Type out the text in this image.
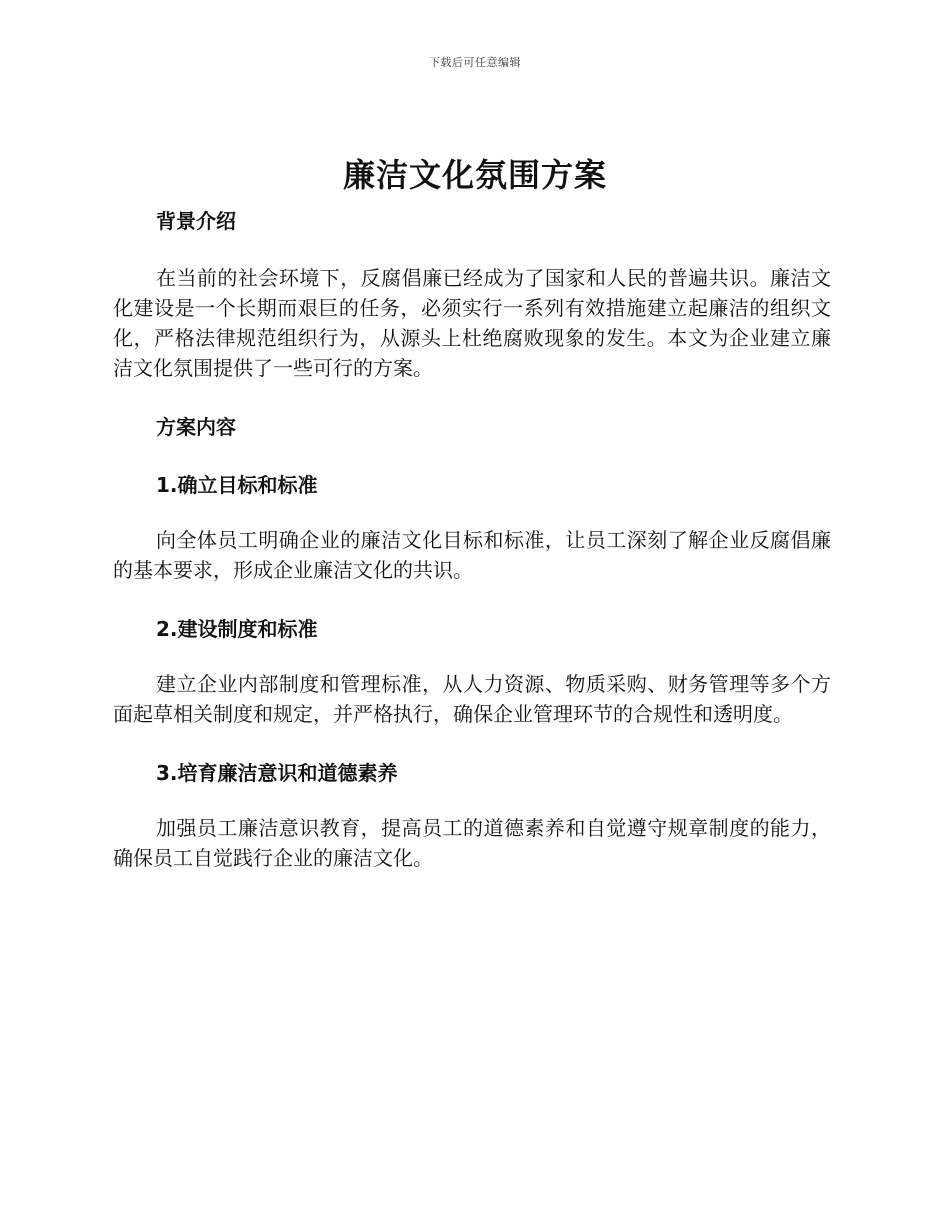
下载后可任意编辑
廉洁文化氛围方案

背景介绍

在当前的社会环境下，反腐倡廉已经成为了国家和人民的普遍共识。廉洁文化建设是一个长期而艰巨的任务，必须实行一系列有效措施建立起廉洁的组织文化，严格法律规范组织行为，从源头上杜绝腐败现象的发生。本文为企业建立廉洁文化氛围提供了一些可行的方案。

方案内容

1.确立目标和标准

向全体员工明确企业的廉洁文化目标和标准，让员工深刻了解企业反腐倡廉的基本要求，形成企业廉洁文化的共识。

2.建设制度和标准

建立企业内部制度和管理标准，从人力资源、物质采购、财务管理等多个方面起草相关制度和规定，并严格执行，确保企业管理环节的合规性和透明度。

3.培育廉洁意识和道德素养

加强员工廉洁意识教育，提高员工的道德素养和自觉遵守规章制度的能力，确保员工自觉践行企业的廉洁文化。
